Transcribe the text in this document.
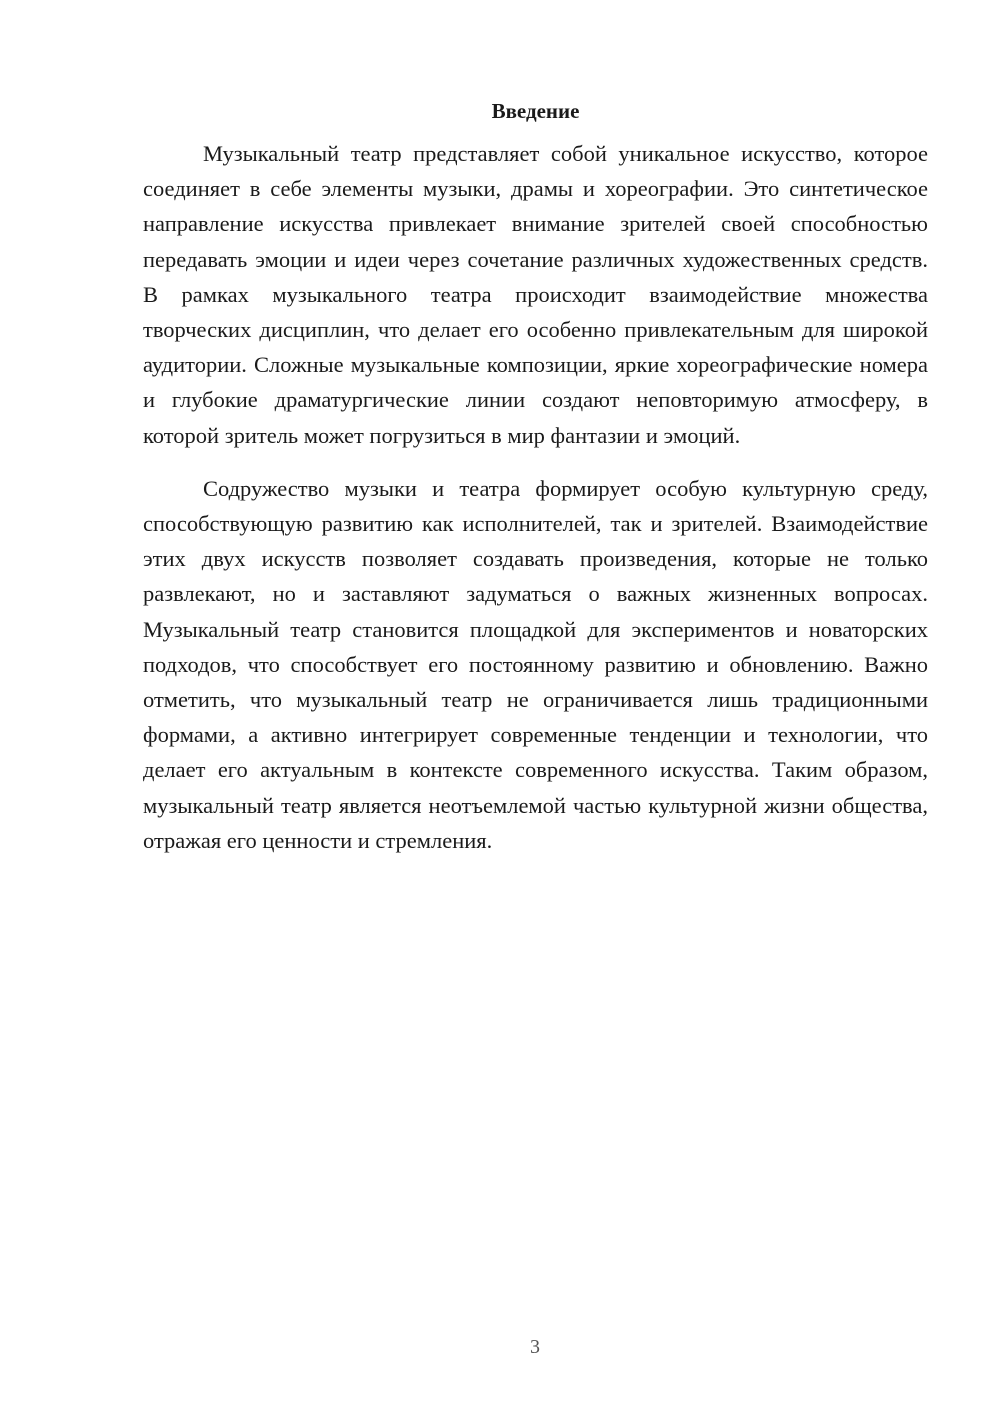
Введение

Музыкальный театр представляет собой уникальное искусство, которое соединяет в себе элементы музыки, драмы и хореографии. Это синтетическое направление искусства привлекает внимание зрителей своей способностью передавать эмоции и идеи через сочетание различных художественных средств. В рамках музыкального театра происходит взаимодействие множества творческих дисциплин, что делает его особенно привлекательным для широкой аудитории. Сложные музыкальные композиции, яркие хореографические номера и глубокие драматургические линии создают неповторимую атмосферу, в которой зритель может погрузиться в мир фантазии и эмоций.

Содружество музыки и театра формирует особую культурную среду, способствующую развитию как исполнителей, так и зрителей. Взаимодействие этих двух искусств позволяет создавать произведения, которые не только развлекают, но и заставляют задуматься о важных жизненных вопросах. Музыкальный театр становится площадкой для экспериментов и новаторских подходов, что способствует его постоянному развитию и обновлению. Важно отметить, что музыкальный театр не ограничивается лишь традиционными формами, а активно интегрирует современные тенденции и технологии, что делает его актуальным в контексте современного искусства. Таким образом, музыкальный театр является неотъемлемой частью культурной жизни общества, отражая его ценности и стремления.

3
